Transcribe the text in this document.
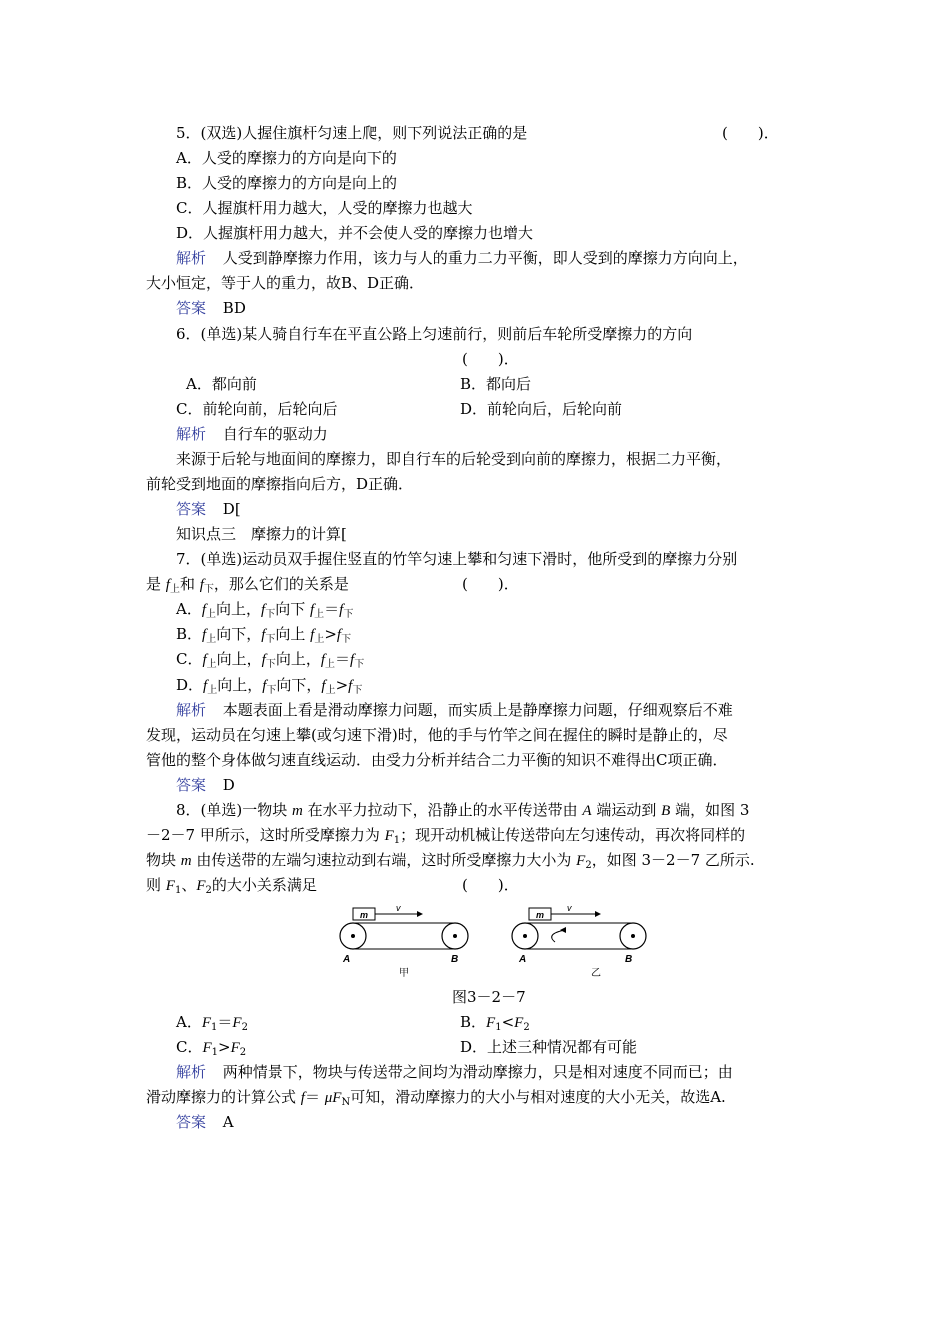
5．(双选)人握住旗杆匀速上爬，则下列说法正确的是	(　　)．
A．人受的摩擦力的方向是向下的
B．人受的摩擦力的方向是向上的
C．人握旗杆用力越大，人受的摩擦力也越大
D．人握旗杆用力越大，并不会使人受的摩擦力也增大
解析 人受到静摩擦力作用，该力与人的重力二力平衡，即人受到的摩擦力方向向上，
大小恒定，等于人的重力，故B、D正确．
答案 BD
6．(单选)某人骑自行车在平直公路上匀速前行，则前后车轮所受摩擦力的方向
(　　)．
A．都向前	B．都向后
C．前轮向前，后轮向后	D．前轮向后，后轮向前
解析 自行车的驱动力
来源于后轮与地面间的摩擦力，即自行车的后轮受到向前的摩擦力，根据二力平衡，
前轮受到地面的摩擦指向后方，D正确．
答案 D[
知识点三　摩擦力的计算[
7．(单选)运动员双手握住竖直的竹竿匀速上攀和匀速下滑时，他所受到的摩擦力分别
是 $f_上$和 $f_下$，那么它们的关系是	(　　)．
A．$f_上$向上，$f_下$向下 $f_上=f_下$
B．$f_上$向下，$f_下$向上 $f_上>f_下$
C．$f_上$向上，$f_下$向上，$f_上=f_下$
D．$f_上$向上，$f_下$向下，$f_上>f_下$
解析 本题表面上看是滑动摩擦力问题，而实质上是静摩擦力问题，仔细观察后不难
发现，运动员在匀速上攀(或匀速下滑)时，他的手与竹竿之间在握住的瞬时是静止的，尽
管他的整个身体做匀速直线运动．由受力分析并结合二力平衡的知识不难得出C项正确．
答案 D
8．(单选)一物块 m 在水平力拉动下，沿静止的水平传送带由 A 端运动到 B 端，如图 3
－2－7 甲所示，这时所受摩擦力为 $F_1$；现开动机械让传送带向左匀速传动，再次将同样的
物块 m 由传送带的左端匀速拉动到右端，这时所受摩擦力大小为 $F_2$，如图 3－2－7 乙所示.
则 $F_1$、$F_2$的大小关系满足	(　　)．
m
v
A	B
甲
m
v
A	B
乙
图3－2－7
A．$F_1=F_2$	B．$F_1<F_2$
C．$F_1>F_2$	D．上述三种情况都有可能
解析 两种情景下，物块与传送带之间均为滑动摩擦力，只是相对速度不同而已；由
滑动摩擦力的计算公式 $f= \mu F_N$可知，滑动摩擦力的大小与相对速度的大小无关，故选A.
答案 A
